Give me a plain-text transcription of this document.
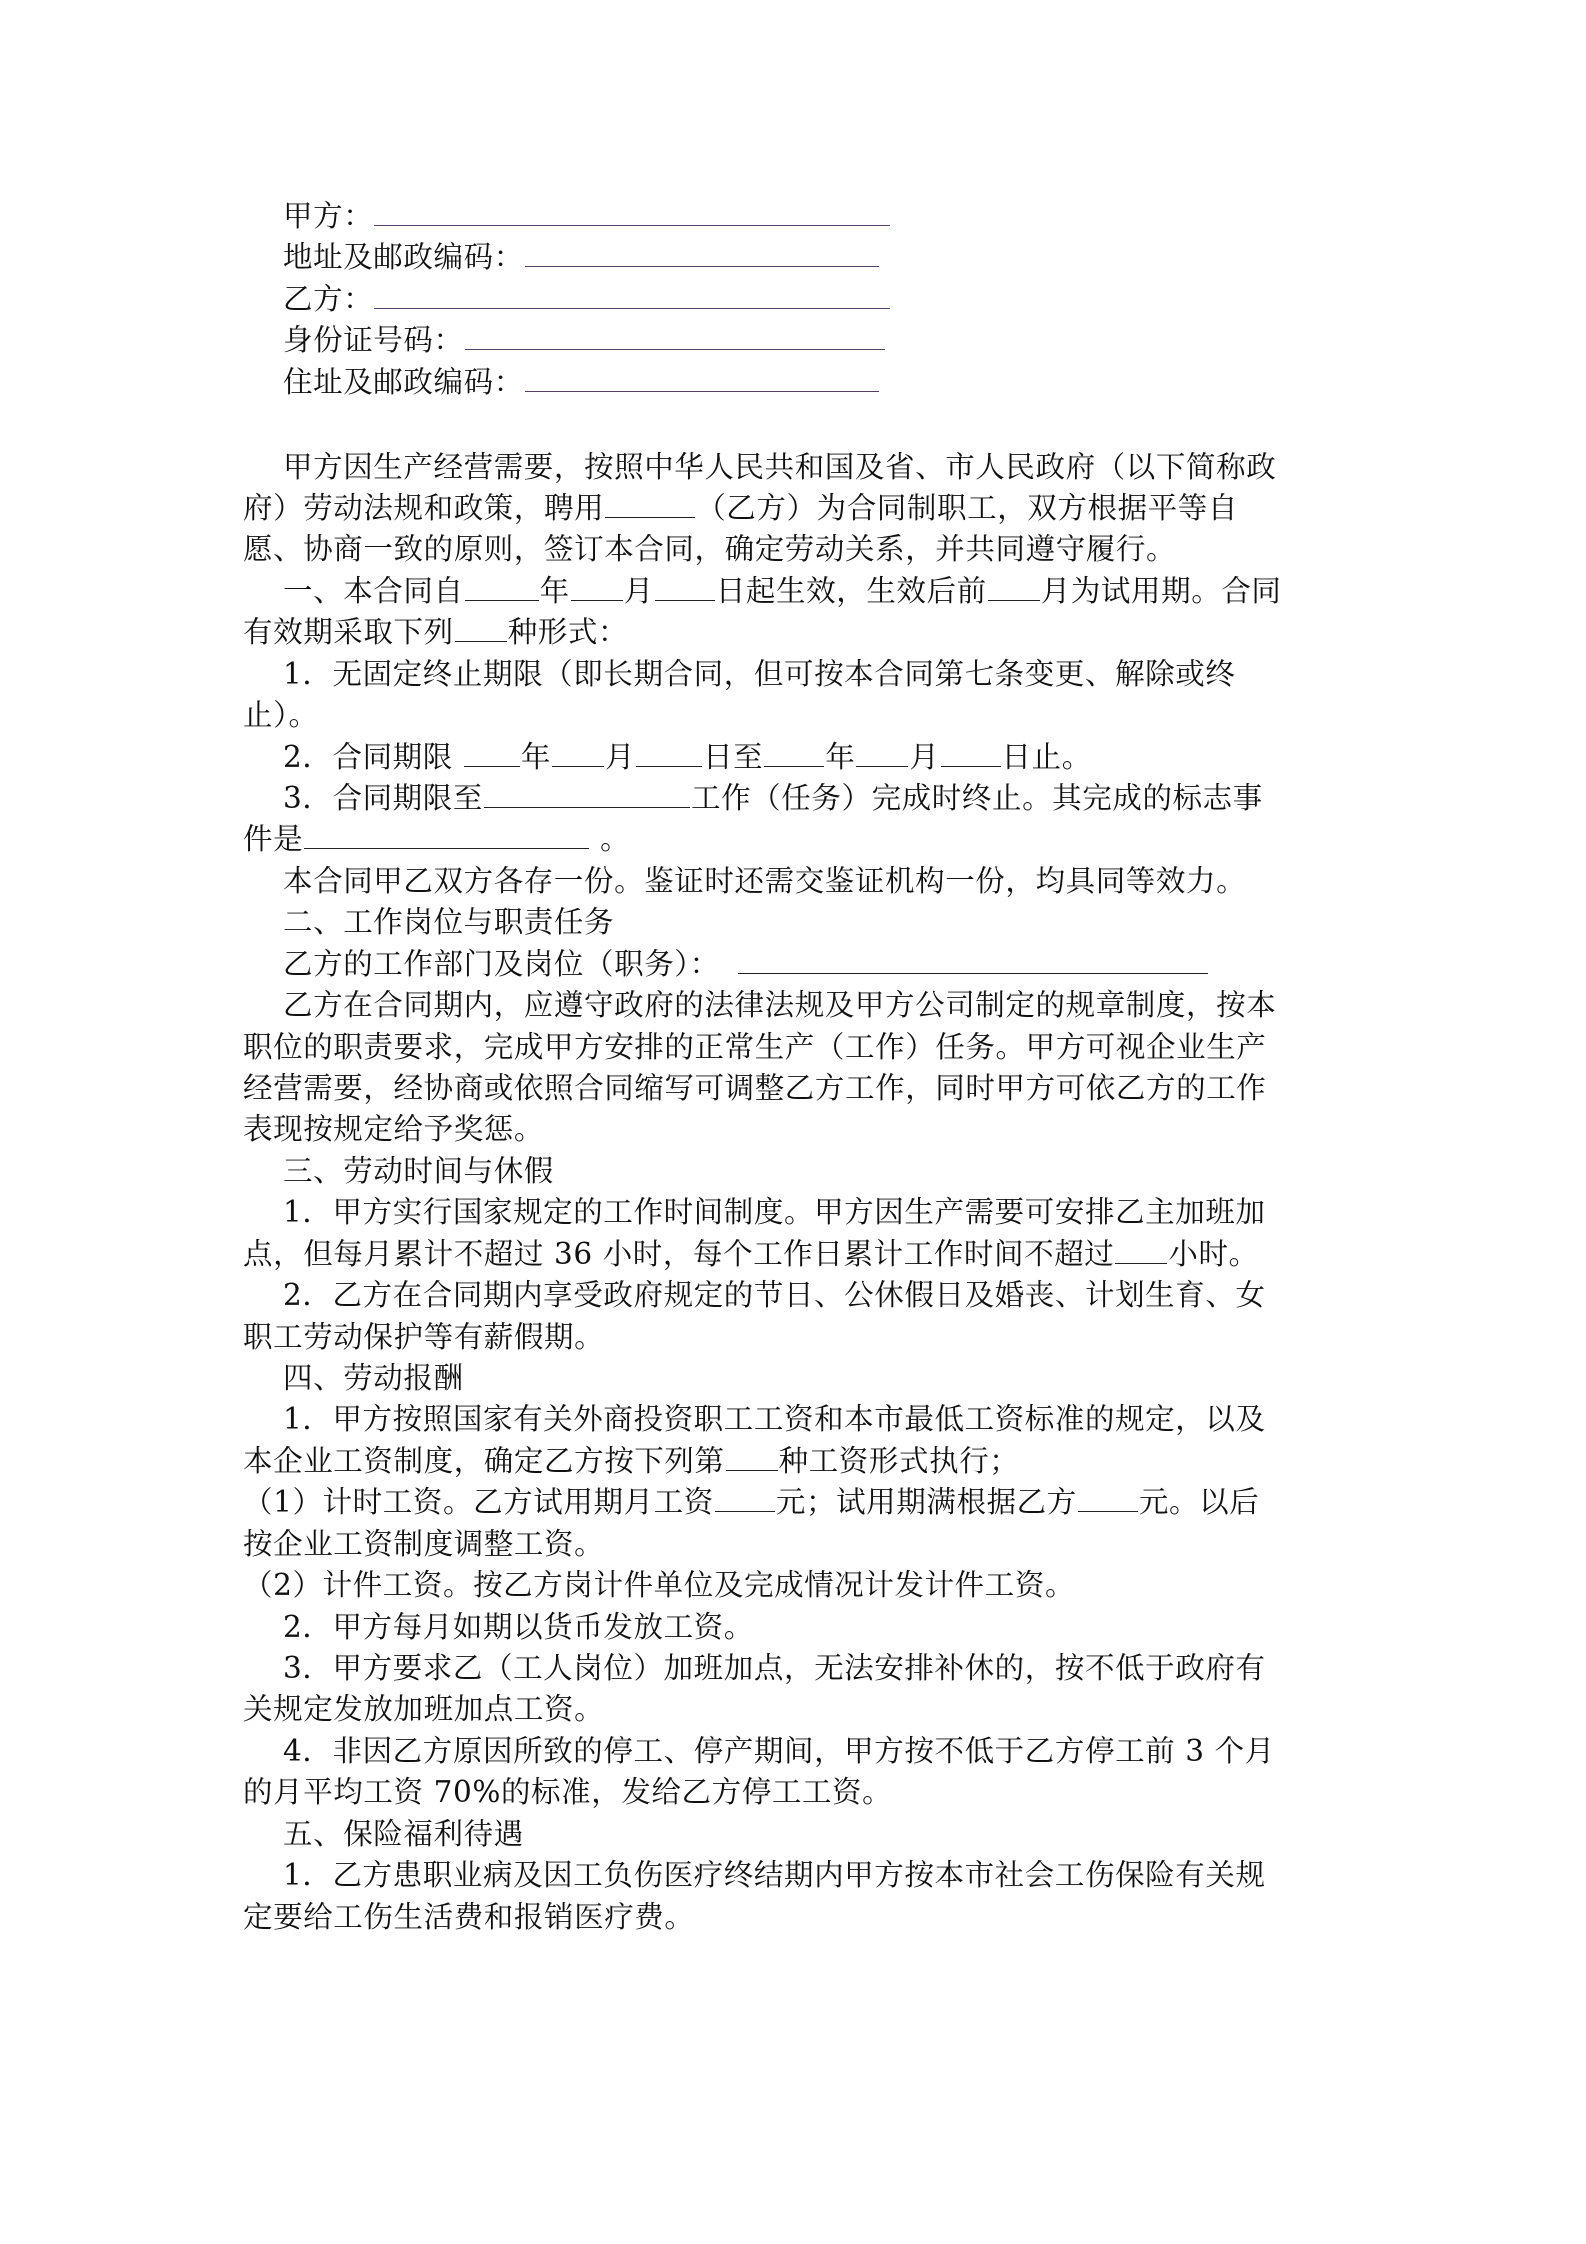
甲方：
地址及邮政编码：
乙方：
身份证号码：
住址及邮政编码：
甲方因生产经营需要，按照中华人民共和国及省、市人民政府（以下简称政
府）劳动法规和政策，聘用	（乙方）为合同制职工，双方根据平等自
愿、协商一致的原则，签订本合同，确定劳动关系，并共同遵守履行。
一、本合同自	年 月 日起生效，生效后前 月为试用期。合同
有效期采取下列 种形式：
1．无固定终止期限（即长期合同，但可按本合同第七条变更、解除或终
止）。
2．合同期限 年 月 日至 年 月 日止。
3．合同期限至	工作（任务）完成时终止。其完成的标志事
件是	。
本合同甲乙双方各存一份。鉴证时还需交鉴证机构一份，均具同等效力。
二、工作岗位与职责任务
乙方的工作部门及岗位（职务）：
乙方在合同期内，应遵守政府的法律法规及甲方公司制定的规章制度，按本
职位的职责要求，完成甲方安排的正常生产（工作）任务。甲方可视企业生产
经营需要，经协商或依照合同缩写可调整乙方工作，同时甲方可依乙方的工作
表现按规定给予奖惩。
三、劳动时间与休假
1．甲方实行国家规定的工作时间制度。甲方因生产需要可安排乙主加班加
点，但每月累计不超过 36 小时，每个工作日累计工作时间不超过 小时。
2．乙方在合同期内享受政府规定的节日、公休假日及婚丧、计划生育、女
职工劳动保护等有薪假期。
四、劳动报酬
1．甲方按照国家有关外商投资职工工资和本市最低工资标准的规定，以及
本企业工资制度，确定乙方按下列第 种工资形式执行；
（1）计时工资。乙方试用期月工资 元；试用期满根据乙方 元。以后
按企业工资制度调整工资。
（2）计件工资。按乙方岗计件单位及完成情况计发计件工资。
2．甲方每月如期以货币发放工资。
3．甲方要求乙（工人岗位）加班加点，无法安排补休的，按不低于政府有
关规定发放加班加点工资。
4．非因乙方原因所致的停工、停产期间，甲方按不低于乙方停工前 3 个月
的月平均工资 70%的标准，发给乙方停工工资。
五、保险福利待遇
1．乙方患职业病及因工负伤医疗终结期内甲方按本市社会工伤保险有关规
定要给工伤生活费和报销医疗费。
